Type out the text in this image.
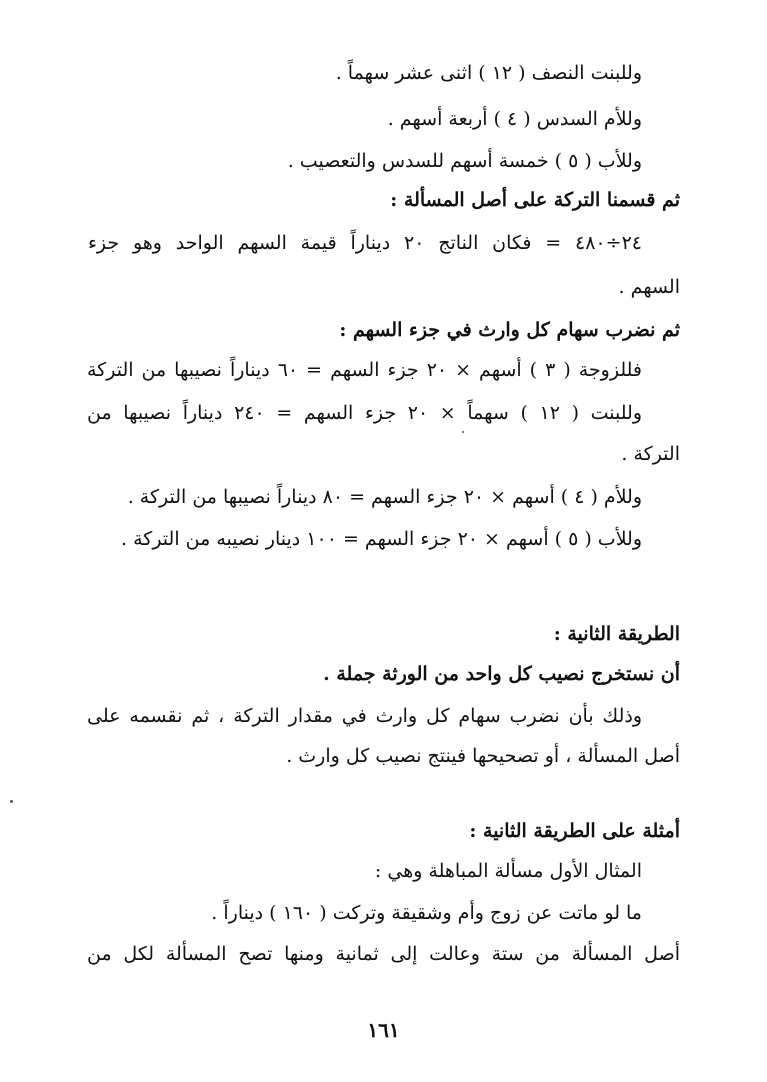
وللبنت النصف ( ١٢ ) اثنى عشر سهماً .
وللأم السدس ( ٤ ) أربعة أسهم .
وللأب ( ٥ ) خمسة أسهم للسدس والتعصيب .
ثم قسمنا التركة على أصل المسألة :
٢٤÷٤٨٠ = فكان الناتج ٢٠ ديناراً قيمة السهم الواحد وهو جزء
السهم .
ثم نضرب سهام كل وارث في جزء السهم :
فللزوجة ( ٣ ) أسهم × ٢٠ جزء السهم = ٦٠ ديناراً نصيبها من التركة
وللبنت ( ١٢ ) سهماً × ٢٠ جزء السهم = ٢٤٠ ديناراً نصيبها من
التركة .
وللأم ( ٤ ) أسهم × ٢٠ جزء السهم = ٨٠ ديناراً نصيبها من التركة .
وللأب ( ٥ ) أسهم × ٢٠ جزء السهم = ١٠٠ دينار نصيبه من التركة .
الطريقة الثانية :
أن نستخرج نصيب كل واحد من الورثة جملة .
وذلك بأن نضرب سهام كل وارث في مقدار التركة ، ثم نقسمه على
أصل المسألة ، أو تصحيحها فينتج نصيب كل وارث .
أمثلة على الطريقة الثانية :
المثال الأول مسألة المباهلة وهي :
ما لو ماتت عن زوج وأم وشقيقة وتركت ( ١٦٠ ) ديناراً .
أصل المسألة من ستة وعالت إلى ثمانية ومنها تصح المسألة لكل من
١٦١
